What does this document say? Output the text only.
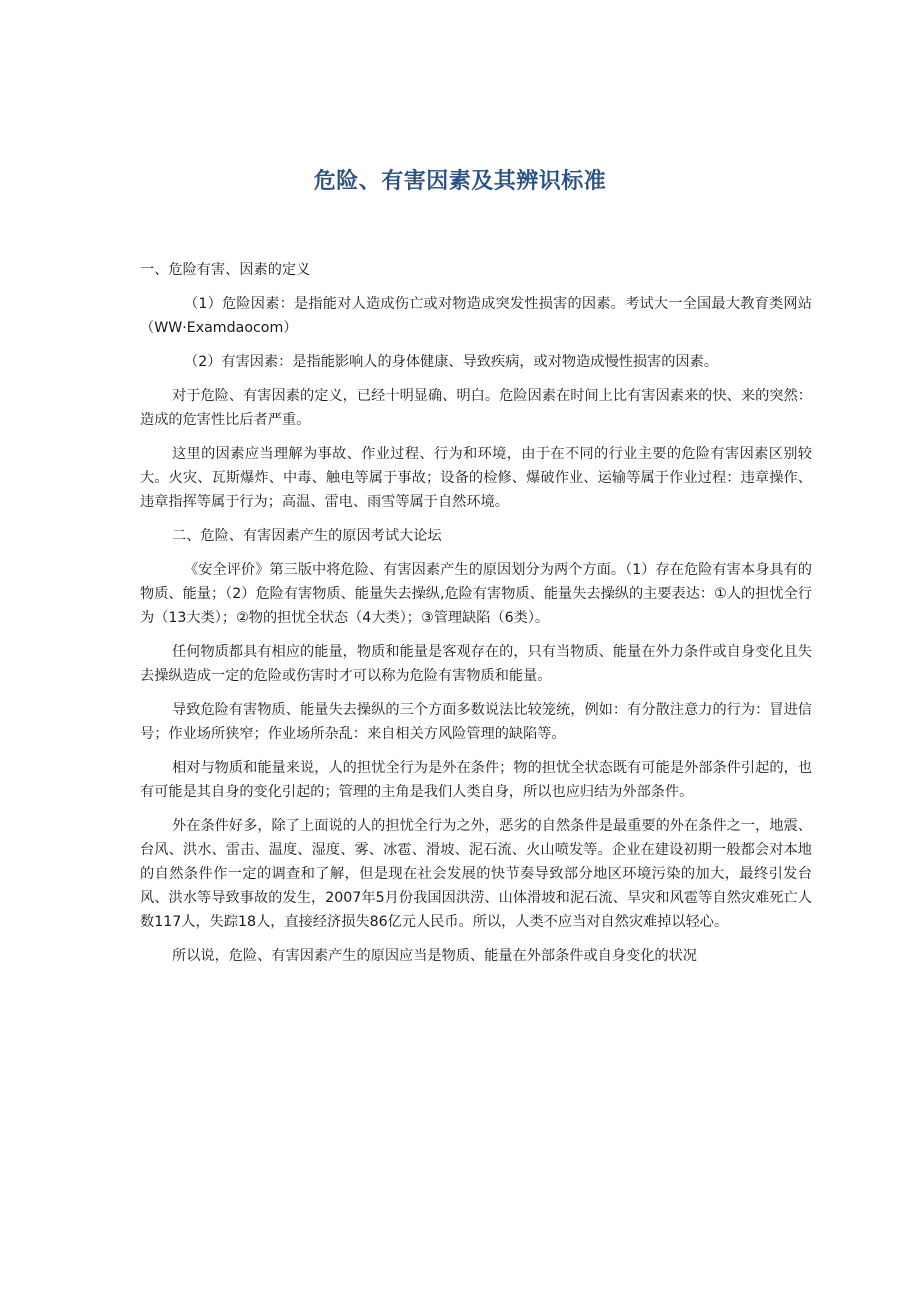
危险、有害因素及其辨识标准
一、危险有害、因素的定义
（1）危险因素：是指能对人造成伤亡或对物造成突发性损害的因素。考试大一全国最大教育类网站（WW·Examdaocom）
（2）有害因素：是指能影响人的身体健康、导致疾病，或对物造成慢性损害的因素。
对于危险、有害因素的定义，已经十明显确、明白。危险因素在时间上比有害因素来的快、来的突然：造成的危害性比后者严重。
这里的因素应当理解为事故、作业过程、行为和环境，由于在不同的行业主要的危险有害因素区别较大。火灾、瓦斯爆炸、中毒、触电等属于事故；设备的检修、爆破作业、运输等属于作业过程：违章操作、违章指挥等属于行为；高温、雷电、雨雪等属于自然环境。
二、危险、有害因素产生的原因考试大论坛
《安全评价》第三版中将危险、有害因素产生的原因划分为两个方面。（1）存在危险有害本身具有的物质、能量；（2）危险有害物质、能量失去操纵,危险有害物质、能量失去操纵的主要表达：①人的担忧全行为（13大类）；②物的担忧全状态（4大类）；③管理缺陷（6类）。
任何物质都具有相应的能量，物质和能量是客观存在的，只有当物质、能量在外力条件或自身变化且失去操纵造成一定的危险或伤害时才可以称为危险有害物质和能量。
导致危险有害物质、能量失去操纵的三个方面多数说法比较笼统，例如：有分散注意力的行为：冒进信号；作业场所狭窄；作业场所杂乱：来自相关方风险管理的缺陷等。
相对与物质和能量来说，人的担忧全行为是外在条件；物的担忧全状态既有可能是外部条件引起的，也有可能是其自身的变化引起的；管理的主角是我们人类自身，所以也应归结为外部条件。
外在条件好多，除了上面说的人的担忧全行为之外，恶劣的自然条件是最重要的外在条件之一，地震、台风、洪水、雷击、温度、湿度、雾、冰雹、滑坡、泥石流、火山喷发等。企业在建设初期一般都会对本地的自然条件作一定的调查和了解，但是现在社会发展的快节奏导致部分地区环境污染的加大，最终引发台风、洪水等导致事故的发生，2007年5月份我国因洪涝、山体滑坡和泥石流、旱灾和风雹等自然灾难死亡人数117人，失踪18人，直接经济损失86亿元人民币。所以，人类不应当对自然灾难掉以轻心。
所以说，危险、有害因素产生的原因应当是物质、能量在外部条件或自身变化的状况
